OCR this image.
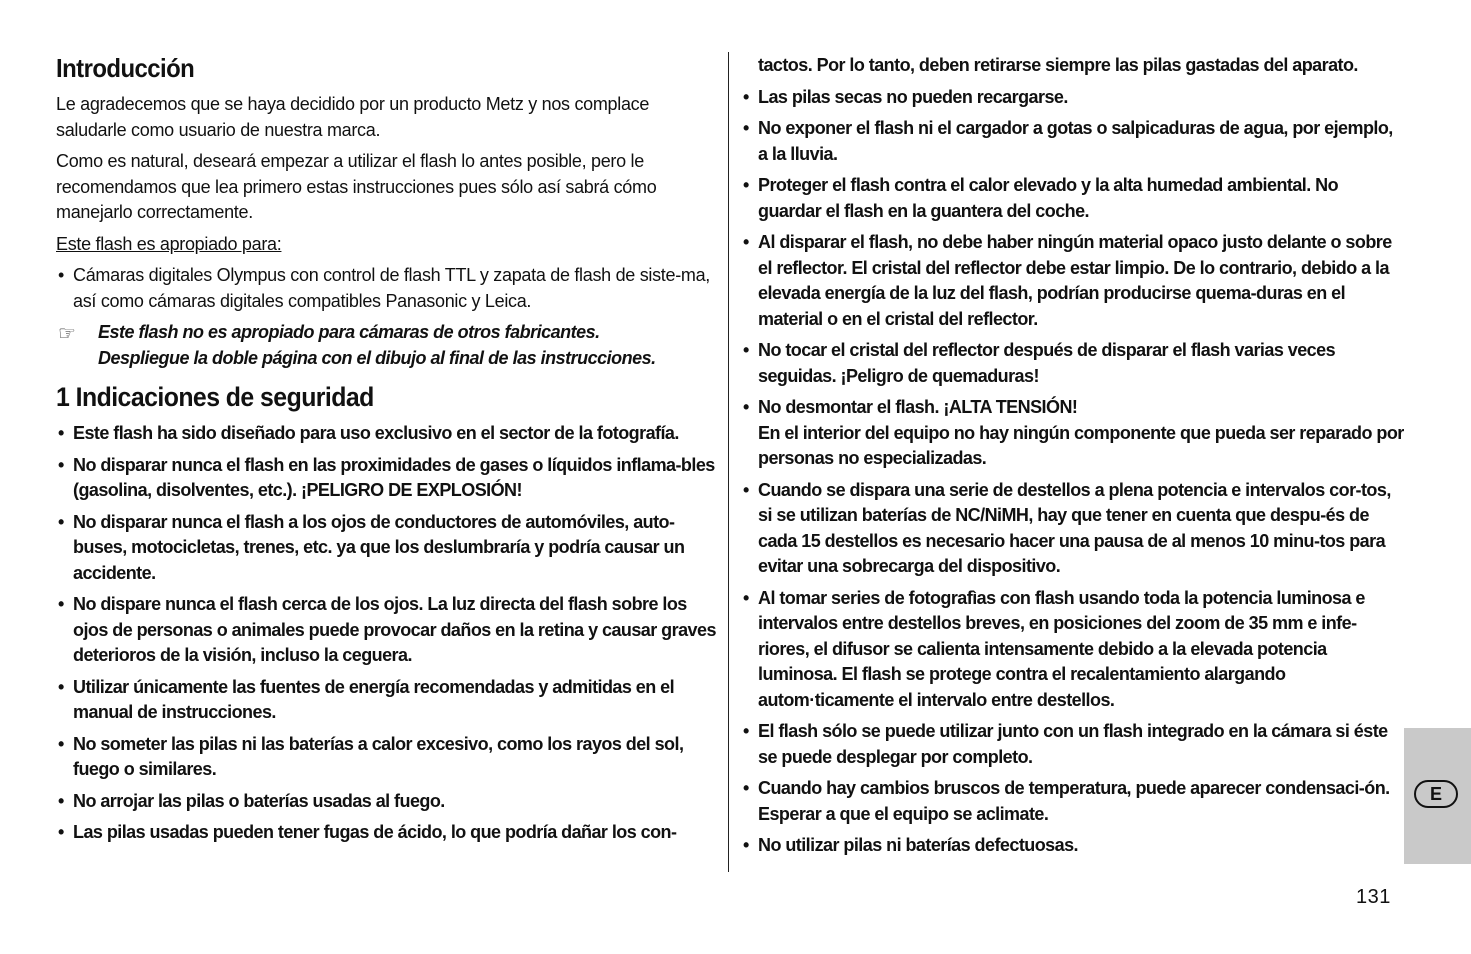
Introducción

Le agradecemos que se haya decidido por un producto Metz y nos complace saludarle como usuario de nuestra marca.

Como es natural, deseará empezar a utilizar el flash lo antes posible, pero le recomendamos que lea primero estas instrucciones pues sólo así sabrá cómo manejarlo correctamente.

Este flash es apropiado para:

• Cámaras digitales Olympus con control de flash TTL y zapata de flash de siste-ma, así como cámaras digitales compatibles Panasonic y Leica.
☞ Este flash no es apropiado para cámaras de otros fabricantes.
Despliegue la doble página con el dibujo al final de las instrucciones.
1 Indicaciones de seguridad
• Este flash ha sido diseñado para uso exclusivo en el sector de la fotografía.
• No disparar nunca el flash en las proximidades de gases o líquidos inflama-bles (gasolina, disolventes, etc.). ¡PELIGRO DE EXPLOSIÓN!
• No disparar nunca el flash a los ojos de conductores de automóviles, auto-buses, motocicletas, trenes, etc. ya que los deslumbraría y podría causar un accidente.
• No dispare nunca el flash cerca de los ojos. La luz directa del flash sobre los ojos de personas o animales puede provocar daños en la retina y causar graves deterioros de la visión, incluso la ceguera.
• Utilizar únicamente las fuentes de energía recomendadas y admitidas en el manual de instrucciones.
• No someter las pilas ni las baterías a calor excesivo, como los rayos del sol, fuego o similares.
• No arrojar las pilas o baterías usadas al fuego.
• Las pilas usadas pueden tener fugas de ácido, lo que podría dañar los con-
tactos. Por lo tanto, deben retirarse siempre las pilas gastadas del aparato.
• Las pilas secas no pueden recargarse.
• No exponer el flash ni el cargador a gotas o salpicaduras de agua, por ejemplo, a la lluvia.
• Proteger el flash contra el calor elevado y la alta humedad ambiental. No guardar el flash en la guantera del coche.
• Al disparar el flash, no debe haber ningún material opaco justo delante o sobre el reflector. El cristal del reflector debe estar limpio. De lo contrario, debido a la elevada energía de la luz del flash, podrían producirse quema-duras en el material o en el cristal del reflector.
• No tocar el cristal del reflector después de disparar el flash varias veces seguidas. ¡Peligro de quemaduras!
• No desmontar el flash. ¡ALTA TENSIÓN!
En el interior del equipo no hay ningún componente que pueda ser reparado por personas no especializadas.
• Cuando se dispara una serie de destellos a plena potencia e intervalos cor-tos, si se utilizan baterías de NC/NiMH, hay que tener en cuenta que despu-és de cada 15 destellos es necesario hacer una pausa de al menos 10 minu-tos para evitar una sobrecarga del dispositivo.
• Al tomar series de fotografìas con flash usando toda la potencia luminosa e intervalos entre destellos breves, en posiciones del zoom de 35 mm e infe-riores, el difusor se calienta intensamente debido a la elevada potencia luminosa. El flash se protege contra el recalentamiento alargando autom·ticamente el intervalo entre destellos.
• El flash sólo se puede utilizar junto con un flash integrado en la cámara si éste se puede desplegar por completo.
• Cuando hay cambios bruscos de temperatura, puede aparecer condensaci-ón. Esperar a que el equipo se aclimate.
• No utilizar pilas ni baterías defectuosas.
E
131
